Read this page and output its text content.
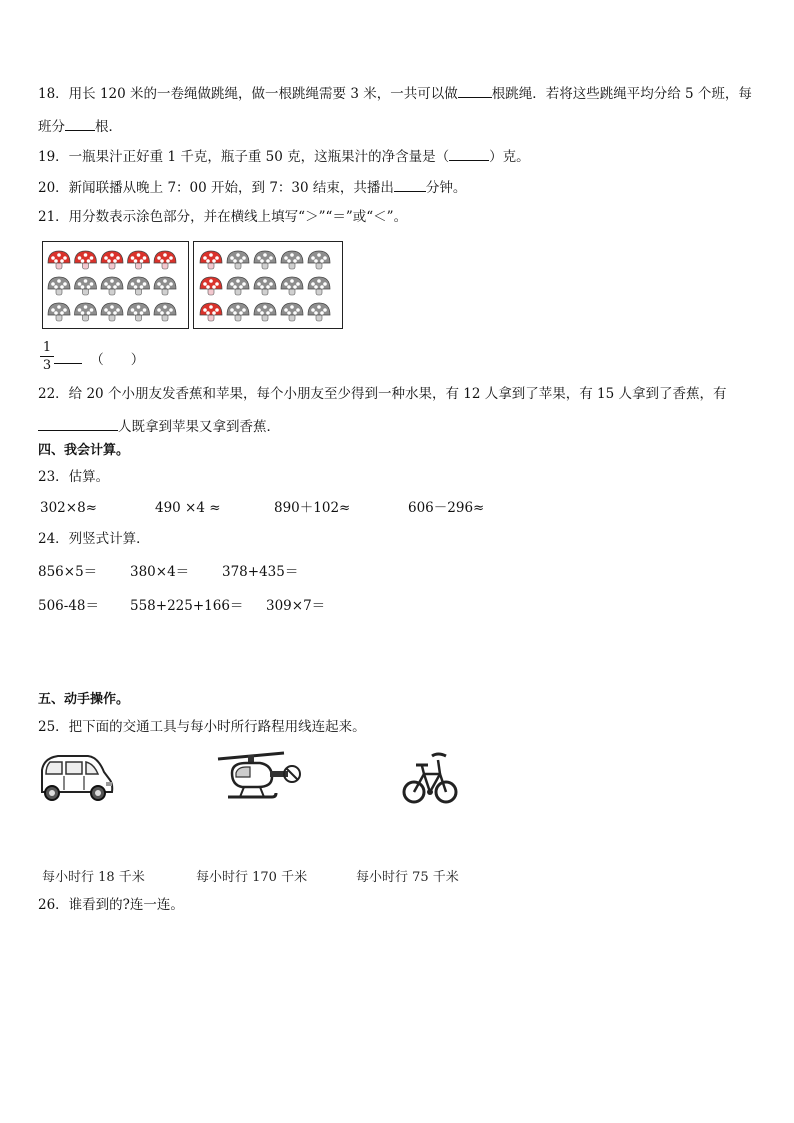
18．用长 120 米的一卷绳做跳绳，做一根跳绳需要 3 米，一共可以做	根跳绳．若将这些跳绳平均分给 5 个班，每
班分 根．
19．一瓶果汁正好重 1 千克，瓶子重 50 克，这瓶果汁的净含量是（	）克。
20．新闻联播从晚上 7：00 开始，到 7：30 结束，共播出 分钟。
21．用分数表示涂色部分，并在横线上填写“＞”“＝”或“＜”。
1
3	（　　）
22．给 20 个小朋友发香蕉和苹果，每个小朋友至少得到一种水果，有 12 人拿到了苹果，有 15 人拿到了香蕉，有
人既拿到苹果又拿到香蕉．
四、我会计算。
23．估算。
302×8≈	490 ×4 ≈	890＋102≈	606－296≈
24．列竖式计算．
856×5＝ 380×4＝ 378+435＝
506-48＝ 558+225+166＝ 309×7＝
五、动手操作。
25．把下面的交通工具与每小时所行路程用线连起来。
每小时行 18 千米	每小时行 170 千米	每小时行 75 千米
26．谁看到的?连一连。
